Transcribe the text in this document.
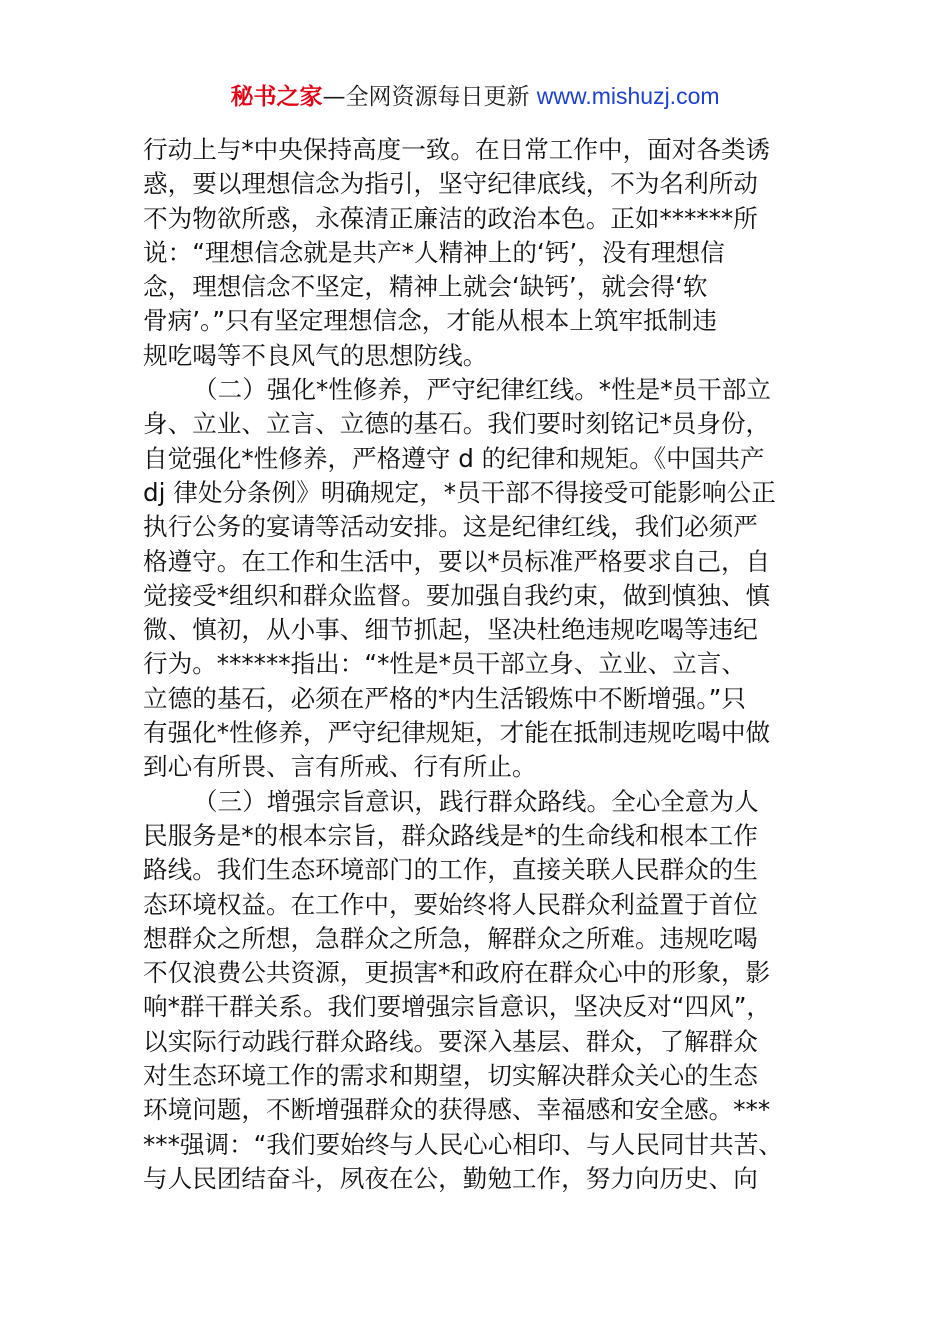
秘书之家—全网资源每日更新 www.mishuzj.com
行动上与*中央保持高度一致。在日常工作中，面对各类诱
惑，要以理想信念为指引，坚守纪律底线，不为名利所动
不为物欲所惑，永葆清正廉洁的政治本色。正如******所
说：“理想信念就是共产*人精神上的‘钙’，没有理想信
念，理想信念不坚定，精神上就会‘缺钙’，就会得‘软
骨病’。”只有坚定理想信念，才能从根本上筑牢抵制违
规吃喝等不良风气的思想防线。
（二）强化*性修养，严守纪律红线。*性是*员干部立
身、立业、立言、立德的基石。我们要时刻铭记*员身份，
自觉强化*性修养，严格遵守 d 的纪律和规矩。《中国共产
dj 律处分条例》明确规定，*员干部不得接受可能影响公正
执行公务的宴请等活动安排。这是纪律红线，我们必须严
格遵守。在工作和生活中，要以*员标准严格要求自己，自
觉接受*组织和群众监督。要加强自我约束，做到慎独、慎
微、慎初，从小事、细节抓起，坚决杜绝违规吃喝等违纪
行为。******指出：“*性是*员干部立身、立业、立言、
立德的基石，必须在严格的*内生活锻炼中不断增强。”只
有强化*性修养，严守纪律规矩，才能在抵制违规吃喝中做
到心有所畏、言有所戒、行有所止。
（三）增强宗旨意识，践行群众路线。全心全意为人
民服务是*的根本宗旨，群众路线是*的生命线和根本工作
路线。我们生态环境部门的工作，直接关联人民群众的生
态环境权益。在工作中，要始终将人民群众利益置于首位
想群众之所想，急群众之所急，解群众之所难。违规吃喝
不仅浪费公共资源，更损害*和政府在群众心中的形象，影
响*群干群关系。我们要增强宗旨意识，坚决反对“四风”，
以实际行动践行群众路线。要深入基层、群众，了解群众
对生态环境工作的需求和期望，切实解决群众关心的生态
环境问题，不断增强群众的获得感、幸福感和安全感。***
***强调：“我们要始终与人民心心相印、与人民同甘共苦、
与人民团结奋斗，夙夜在公，勤勉工作，努力向历史、向
